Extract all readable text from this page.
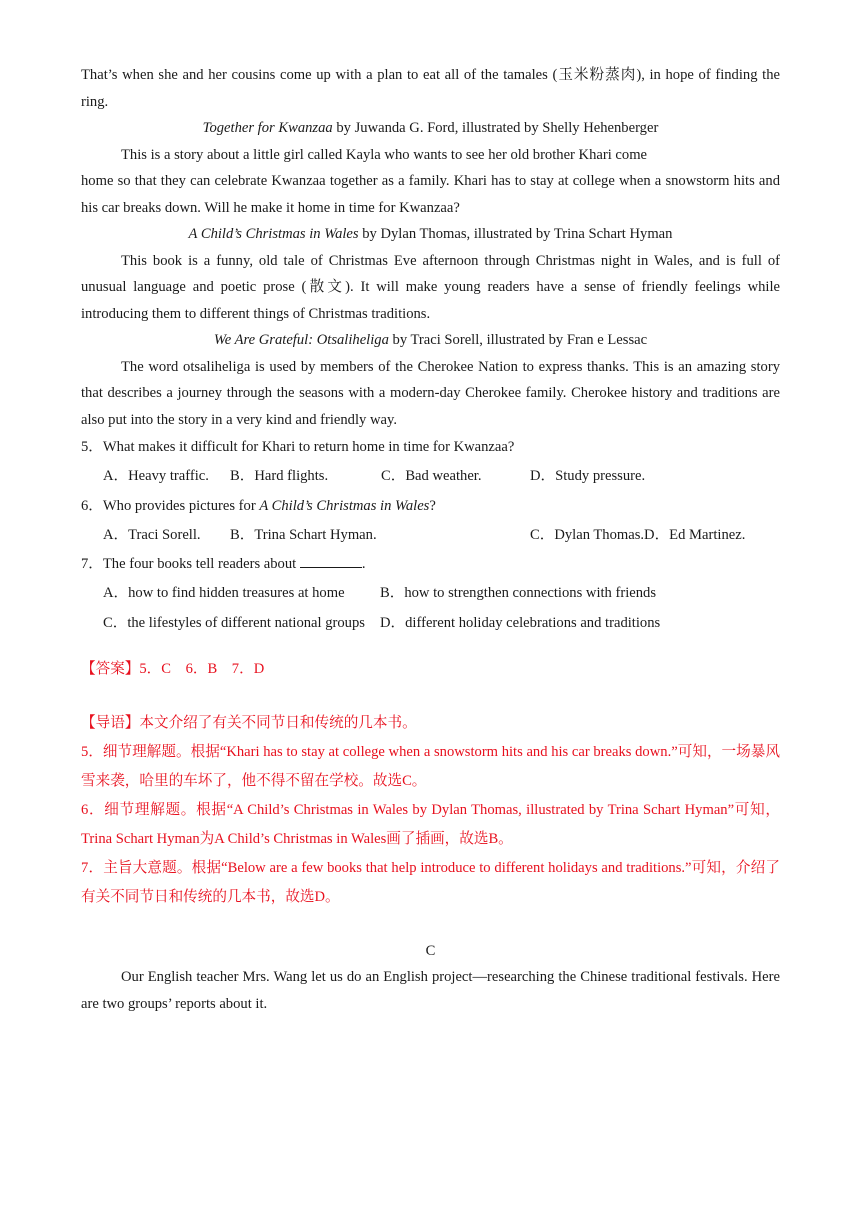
That’s when she and her cousins come up with a plan to eat all of the tamales (玉米粉蒸肉), in hope of finding the ring.

Together for Kwanzaa by Juwanda G. Ford, illustrated by Shelly Hehenberger

This is a story about a little girl called Kayla who wants to see her old brother Khari come

home so that they can celebrate Kwanzaa together as a family. Khari has to stay at college when a snowstorm hits and his car breaks down. Will he make it home in time for Kwanzaa?

A Child’s Christmas in Wales by Dylan Thomas, illustrated by Trina Schart Hyman

This book is a funny, old tale of Christmas Eve afternoon through Christmas night in Wales, and is full of unusual language and poetic prose (散文). It will make young readers have a sense of friendly feelings while introducing them to different things of Christmas traditions.

We Are Grateful: Otsaliheliga by Traci Sorell, illustrated by Fran e Lessac

The word otsaliheliga is used by members of the Cherokee Nation to express thanks. This is an amazing story that describes a journey through the seasons with a modern-day Cherokee family. Cherokee history and traditions are also put into the story in a very kind and friendly way.

5．What makes it difficult for Khari to return home in time for Kwanzaa?

A．Heavy traffic.	B．Hard flights.	C．Bad weather.	D．Study pressure.

6．Who provides pictures for A Child’s Christmas in Wales?

A．Traci Sorell.	B．Trina Schart Hyman.	C．Dylan Thomas. D．Ed Martinez.

7．The four books tell readers about	.

A．how to find hidden treasures at home	B．how to strengthen connections with friends
C．the lifestyles of different national groups	D．different holiday celebrations and traditions

【答案】5．C　6．B　7．D

【导语】本文介绍了有关不同节日和传统的几本书。

5．细节理解题。根据“Khari has to stay at college when a snowstorm hits and his car breaks down.”可知，一场暴风雪来袭，哈里的车坏了，他不得不留在学校。故选C。

6．细节理解题。根据“A Child’s Christmas in Wales by Dylan Thomas, illustrated by Trina Schart Hyman”可知，Trina Schart Hyman为A Child’s Christmas in Wales画了插画，故选B。

7．主旨大意题。根据“Below are a few books that help introduce to different holidays and traditions.”可知，介绍了有关不同节日和传统的几本书，故选D。

C

Our English teacher Mrs. Wang let us do an English project—researching the Chinese traditional festivals. Here are two groups’ reports about it.
